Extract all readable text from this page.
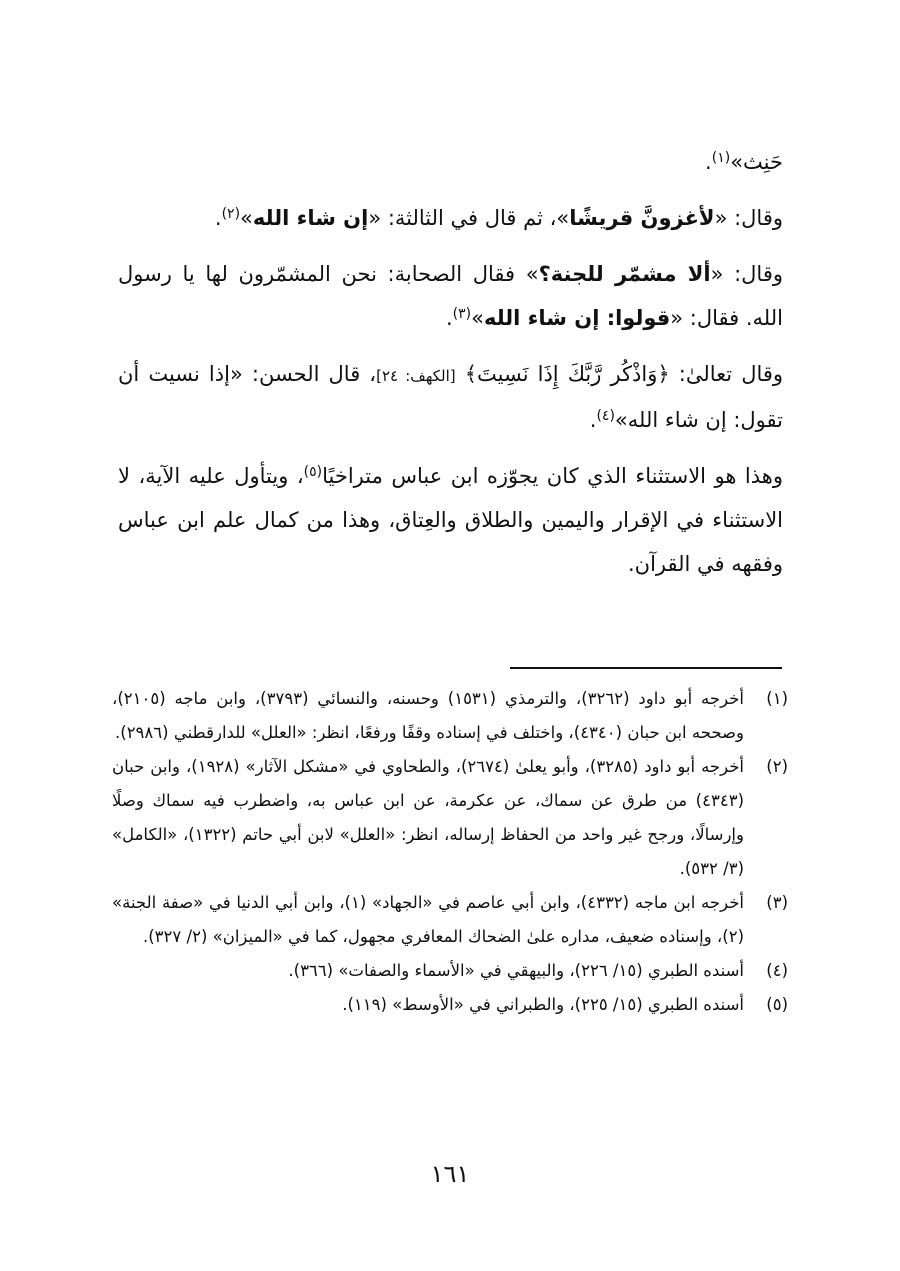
حَنِث»$^{(١)}$.

وقال: «لأغزونَّ قريشًا»، ثم قال في الثالثة: «إن شاء الله»$^{(٢)}$.

وقال: «ألا مشمّر للجنة؟» فقال الصحابة: نحن المشمّرون لها يا رسول الله. فقال: «قولوا: إن شاء الله»$^{(٣)}$.

وقال تعالىٰ: ﴿وَاذْكُر رَّبَّكَ إِذَا نَسِيتَ﴾ [الكهف: ٢٤]، قال الحسن: «إذا نسيت أن تقول: إن شاء الله»$^{(٤)}$.

وهذا هو الاستثناء الذي كان يجوّزه ابن عباس متراخيًا$^{(٥)}$، ويتأول عليه الآية، لا الاستثناء في الإقرار واليمين والطلاق والعِتاق، وهذا من كمال علم ابن عباس وفقهه في القرآن.

(١)
أخرجه أبو داود (٣٢٦٢)، والترمذي (١٥٣١) وحسنه، والنسائي (٣٧٩٣)، وابن ماجه (٢١٠٥)، وصححه ابن حبان (٤٣٤٠)، واختلف في إسناده وقفًا ورفعًا، انظر: «العلل» للدارقطني (٢٩٨٦).
(٢)
أخرجه أبو داود (٣٢٨٥)، وأبو يعلىٰ (٢٦٧٤)، والطحاوي في «مشكل الآثار» (١٩٢٨)، وابن حبان (٤٣٤٣) من طرق عن سماك، عن عكرمة، عن ابن عباس به، واضطرب فيه سماك وصلًا وإرسالًا، ورجح غير واحد من الحفاظ إرساله، انظر: «العلل» لابن أبي حاتم (١٣٢٢)، «الكامل» (٣/ ٥٣٢).
(٣)
أخرجه ابن ماجه (٤٣٣٢)، وابن أبي عاصم في «الجهاد» (١)، وابن أبي الدنيا في «صفة الجنة» (٢)، وإسناده ضعيف، مداره علىٰ الضحاك المعافري مجهول، كما في «الميزان» (٢/ ٣٢٧).
(٤)
أسنده الطبري (١٥/ ٢٢٦)، والبيهقي في «الأسماء والصفات» (٣٦٦).
(٥)
أسنده الطبري (١٥/ ٢٢٥)، والطبراني في «الأوسط» (١١٩).
١٦١
